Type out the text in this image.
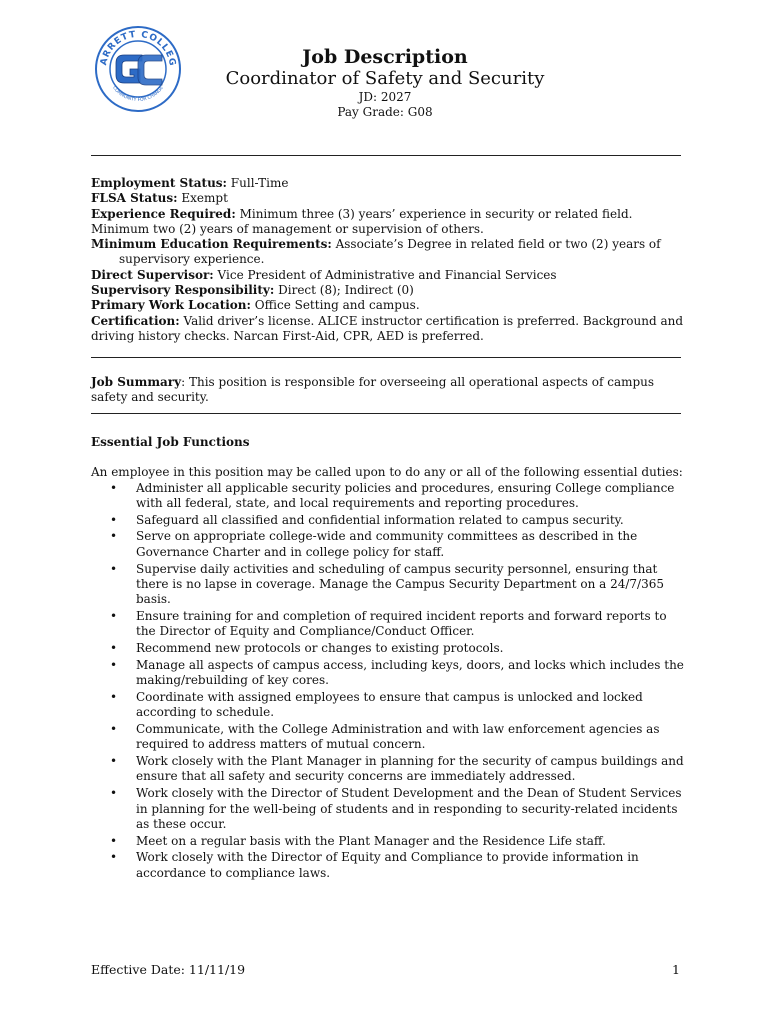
ARRETT COLLEG
COMMUNITY FOR CHANGE
Job Description
Coordinator of Safety and Security
JD: 2027
Pay Grade: G08

Employment Status: Full-Time

FLSA Status: Exempt

Experience Required: Minimum three (3) years’ experience in security or related field. Minimum two (2) years of management or supervision of others.

Minimum Education Requirements: Associate’s Degree in related field or two (2) years of

supervisory experience.

Direct Supervisor: Vice President of Administrative and Financial Services

Supervisory Responsibility: Direct (8); Indirect (0)

Primary Work Location: Office Setting and campus.

Certification: Valid driver’s license. ALICE instructor certification is preferred. Background and driving history checks. Narcan First-Aid, CPR, AED is preferred.

Job Summary: This position is responsible for overseeing all operational aspects of campus safety and security.

Essential Job Functions

An employee in this position may be called upon to do any or all of the following essential duties:

• Administer all applicable security policies and procedures, ensuring College compliance with all federal, state, and local requirements and reporting procedures.
• Safeguard all classified and confidential information related to campus security.
• Serve on appropriate college-wide and community committees as described in the Governance Charter and in college policy for staff.
• Supervise daily activities and scheduling of campus security personnel, ensuring that there is no lapse in coverage. Manage the Campus Security Department on a 24/7/365 basis.
• Ensure training for and completion of required incident reports and forward reports to the Director of Equity and Compliance/Conduct Officer.
• Recommend new protocols or changes to existing protocols.
• Manage all aspects of campus access, including keys, doors, and locks which includes the making/rebuilding of key cores.
• Coordinate with assigned employees to ensure that campus is unlocked and locked according to schedule.
• Communicate, with the College Administration and with law enforcement agencies as required to address matters of mutual concern.
• Work closely with the Plant Manager in planning for the security of campus buildings and ensure that all safety and security concerns are immediately addressed.
• Work closely with the Director of Student Development and the Dean of Student Services in planning for the well-being of students and in responding to security-related incidents as these occur.
• Meet on a regular basis with the Plant Manager and the Residence Life staff.
• Work closely with the Director of Equity and Compliance to provide information in accordance to compliance laws.
Effective Date: 11/11/19	1
